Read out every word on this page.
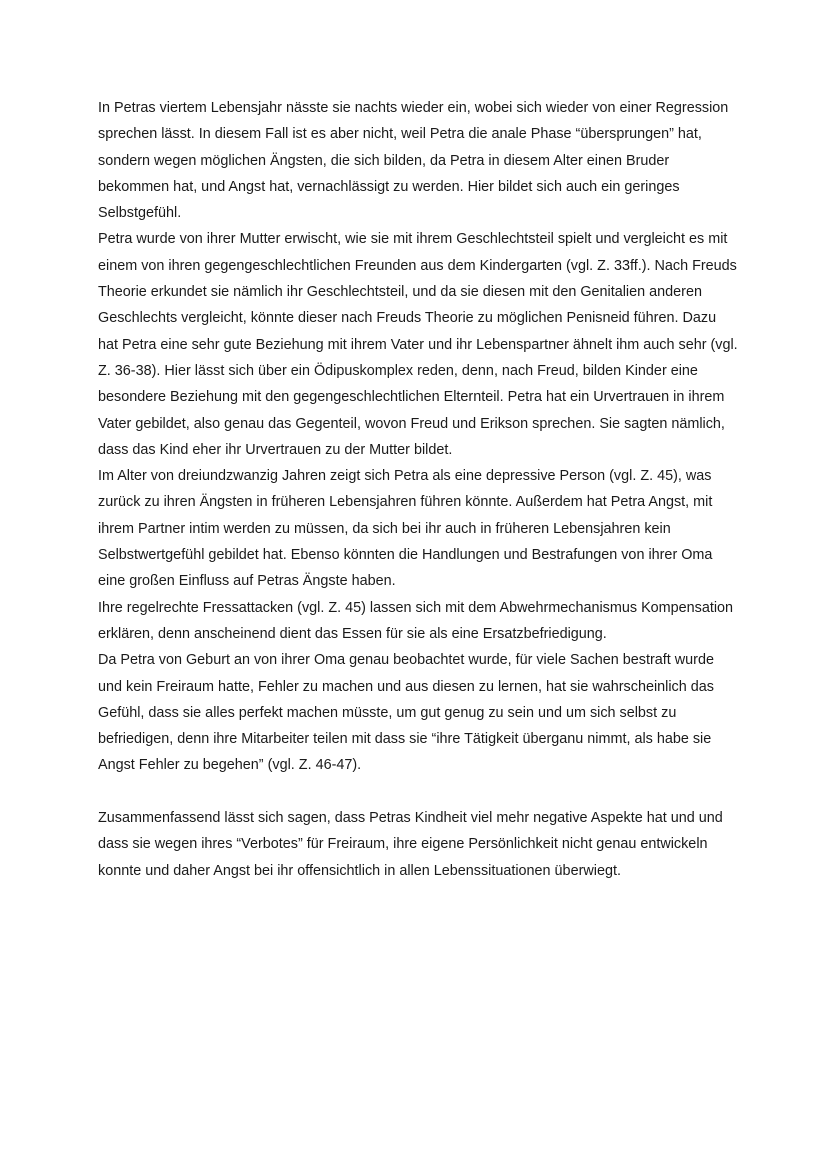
In Petras viertem Lebensjahr nässte sie nachts wieder ein, wobei sich wieder von einer Regression sprechen lässt. In diesem Fall ist es aber nicht, weil Petra die anale Phase “übersprungen” hat, sondern wegen möglichen Ängsten, die sich bilden, da Petra in diesem Alter einen Bruder bekommen hat, und Angst hat, vernachlässigt zu werden. Hier bildet sich auch ein geringes Selbstgefühl.

Petra wurde von ihrer Mutter erwischt, wie sie mit ihrem Geschlechtsteil spielt und vergleicht es mit einem von ihren gegengeschlechtlichen Freunden aus dem Kindergarten (vgl. Z. 33ff.). Nach Freuds Theorie erkundet sie nämlich ihr Geschlechtsteil, und da sie diesen mit den Genitalien anderen Geschlechts vergleicht, könnte dieser nach Freuds Theorie zu möglichen Penisneid führen. Dazu hat Petra eine sehr gute Beziehung mit ihrem Vater und ihr Lebenspartner ähnelt ihm auch sehr (vgl. Z. 36-38). Hier lässt sich über ein Ödipuskomplex reden, denn, nach Freud, bilden Kinder eine besondere Beziehung mit den gegengeschlechtlichen Elternteil. Petra hat ein Urvertrauen in ihrem Vater gebildet, also genau das Gegenteil, wovon Freud und Erikson sprechen. Sie sagten nämlich, dass das Kind eher ihr Urvertrauen zu der Mutter bildet.

Im Alter von dreiundzwanzig Jahren zeigt sich Petra als eine depressive Person (vgl. Z. 45), was zurück zu ihren Ängsten in früheren Lebensjahren führen könnte. Außerdem hat Petra Angst, mit ihrem Partner intim werden zu müssen, da sich bei ihr auch in früheren Lebensjahren kein Selbstwertgefühl gebildet hat. Ebenso könnten die Handlungen und Bestrafungen von ihrer Oma eine großen Einfluss auf Petras Ängste haben.

Ihre regelrechte Fressattacken (vgl. Z. 45) lassen sich mit dem Abwehrmechanismus Kompensation erklären, denn anscheinend dient das Essen für sie als eine Ersatzbefriedigung.

Da Petra von Geburt an von ihrer Oma genau beobachtet wurde, für viele Sachen bestraft wurde und kein Freiraum hatte, Fehler zu machen und aus diesen zu lernen, hat sie wahrscheinlich das Gefühl, dass sie alles perfekt machen müsste, um gut genug zu sein und um sich selbst zu befriedigen, denn ihre Mitarbeiter teilen mit dass sie “ihre Tätigkeit überganu nimmt, als habe sie Angst Fehler zu begehen” (vgl. Z. 46-47).

Zusammenfassend lässt sich sagen, dass Petras Kindheit viel mehr negative Aspekte hat und und dass sie wegen ihres “Verbotes” für Freiraum, ihre eigene Persönlichkeit nicht genau entwickeln konnte und daher Angst bei ihr offensichtlich in allen Lebenssituationen überwiegt.
